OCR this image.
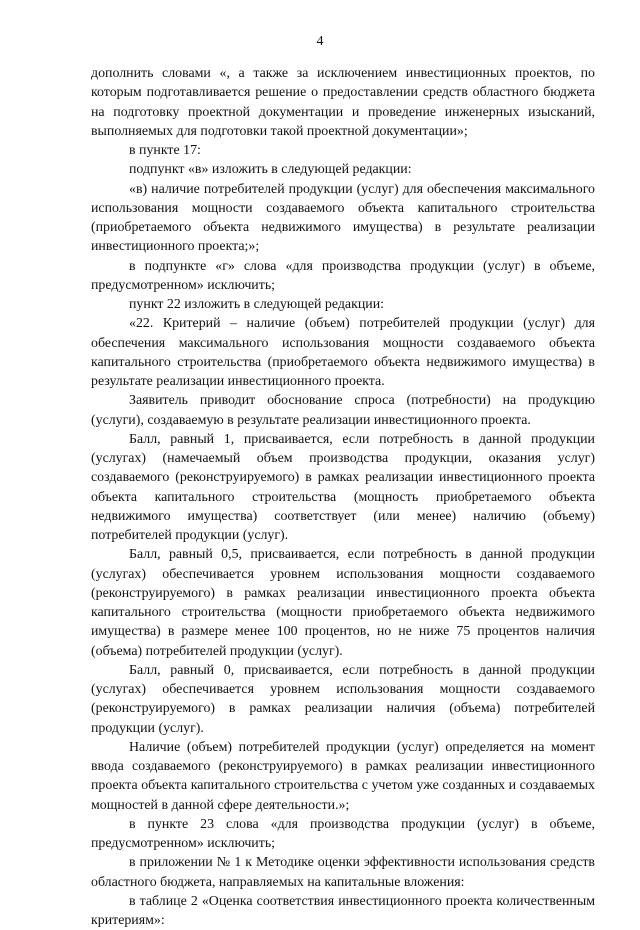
4

дополнить словами «, а также за исключением инвестиционных проектов, по которым подготавливается решение о предоставлении средств областного бюджета на подготовку проектной документации и проведение инженерных изысканий, выполняемых для подготовки такой проектной документации»;

в пункте 17:

подпункт «в» изложить в следующей редакции:

«в) наличие потребителей продукции (услуг) для обеспечения максимального использования мощности создаваемого объекта капитального строительства (приобретаемого объекта недвижимого имущества) в результате реализации инвестиционного проекта;»;

в подпункте «г» слова «для производства продукции (услуг) в объеме, предусмотренном» исключить;

пункт 22 изложить в следующей редакции:

«22. Критерий – наличие (объем) потребителей продукции (услуг) для обеспечения максимального использования мощности создаваемого объекта капитального строительства (приобретаемого объекта недвижимого имущества) в результате реализации инвестиционного проекта.

Заявитель приводит обоснование спроса (потребности) на продукцию (услуги), создаваемую в результате реализации инвестиционного проекта.

Балл, равный 1, присваивается, если потребность в данной продукции (услугах) (намечаемый объем производства продукции, оказания услуг) создаваемого (реконструируемого) в рамках реализации инвестиционного проекта объекта капитального строительства (мощность приобретаемого объекта недвижимого имущества) соответствует (или менее) наличию (объему) потребителей продукции (услуг).

Балл, равный 0,5, присваивается, если потребность в данной продукции (услугах) обеспечивается уровнем использования мощности создаваемого (реконструируемого) в рамках реализации инвестиционного проекта объекта капитального строительства (мощности приобретаемого объекта недвижимого имущества) в размере менее 100 процентов, но не ниже 75 процентов наличия (объема) потребителей продукции (услуг).

Балл, равный 0, присваивается, если потребность в данной продукции (услугах) обеспечивается уровнем использования мощности создаваемого (реконструируемого) в рамках реализации наличия (объема) потребителей продукции (услуг).

Наличие (объем) потребителей продукции (услуг) определяется на момент ввода создаваемого (реконструируемого) в рамках реализации инвестиционного проекта объекта капитального строительства с учетом уже созданных и создаваемых мощностей в данной сфере деятельности.»;

в пункте 23 слова «для производства продукции (услуг) в объеме, предусмотренном» исключить;

в приложении № 1 к Методике оценки эффективности использования средств областного бюджета, направляемых на капитальные вложения:

в таблице 2 «Оценка соответствия инвестиционного проекта количественным критериям»:
